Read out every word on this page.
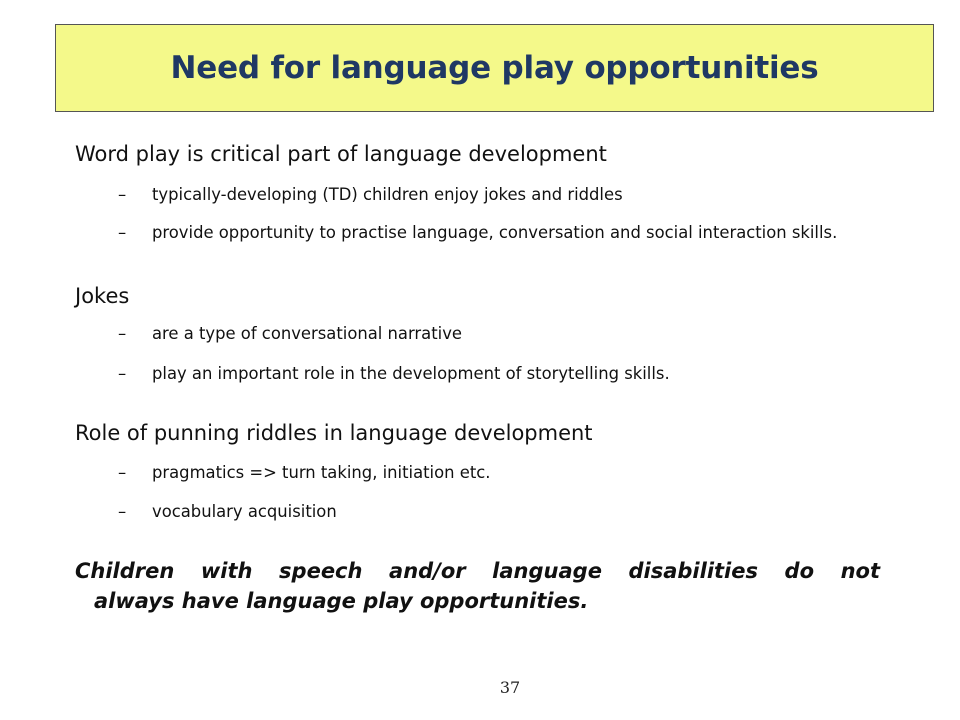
Need for language play opportunities
Word play is critical part of language development
– typically-developing (TD) children enjoy jokes and riddles
– provide opportunity to practise language, conversation and social interaction skills.
Jokes
– are a type of conversational narrative
– play an important role in the development of storytelling skills.
Role of punning riddles in language development
– pragmatics => turn taking, initiation etc.
– vocabulary acquisition
Children with speech and/or language disabilities do not
always have language play opportunities.
37
